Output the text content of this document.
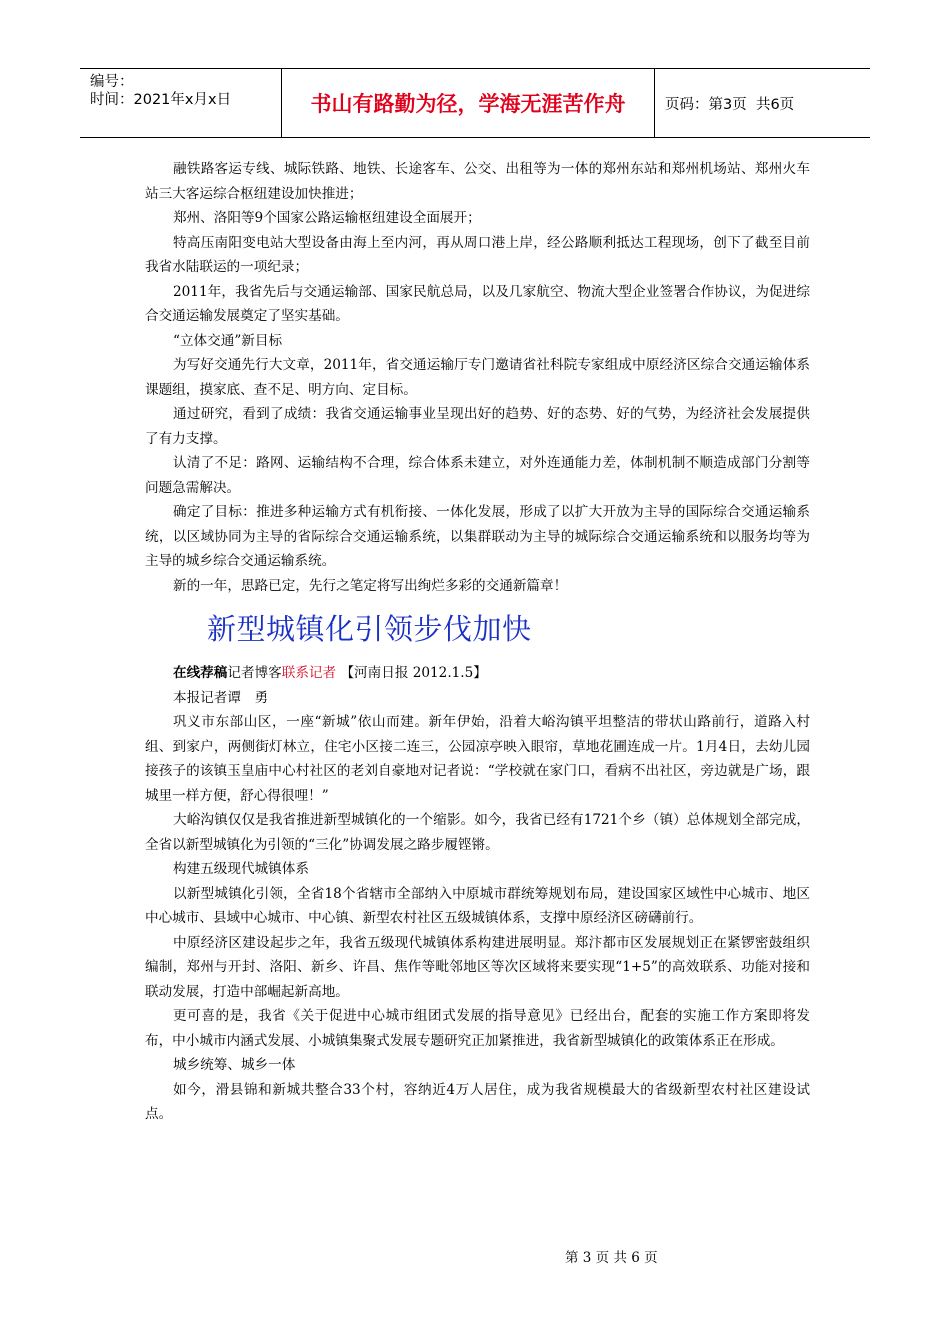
编号：
时间：2021年x月x日	书山有路勤为径，学海无涯苦作舟	页码：第3页  共6页

融铁路客运专线、城际铁路、地铁、长途客车、公交、出租等为一体的郑州东站和郑州机场站、郑州火车站三大客运综合枢纽建设加快推进；

郑州、洛阳等9个国家公路运输枢纽建设全面展开；

特高压南阳变电站大型设备由海上至内河，再从周口港上岸，经公路顺利抵达工程现场，创下了截至目前我省水陆联运的一项纪录；

2011年，我省先后与交通运输部、国家民航总局，以及几家航空、物流大型企业签署合作协议，为促进综合交通运输发展奠定了坚实基础。

“立体交通”新目标

为写好交通先行大文章，2011年，省交通运输厅专门邀请省社科院专家组成中原经济区综合交通运输体系课题组，摸家底、查不足、明方向、定目标。

通过研究，看到了成绩：我省交通运输事业呈现出好的趋势、好的态势、好的气势，为经济社会发展提供了有力支撑。

认清了不足：路网、运输结构不合理，综合体系未建立，对外连通能力差，体制机制不顺造成部门分割等问题急需解决。

确定了目标：推进多种运输方式有机衔接、一体化发展，形成了以扩大开放为主导的国际综合交通运输系统，以区域协同为主导的省际综合交通运输系统，以集群联动为主导的城际综合交通运输系统和以服务均等为主导的城乡综合交通运输系统。

新的一年，思路已定，先行之笔定将写出绚烂多彩的交通新篇章！

新型城镇化引领步伐加快

在线荐稿记者博客联系记者 【河南日报 2012.1.5】

本报记者谭　勇

巩义市东部山区，一座“新城”依山而建。新年伊始，沿着大峪沟镇平坦整洁的带状山路前行，道路入村组、到家户，两侧街灯林立，住宅小区接二连三，公园凉亭映入眼帘，草地花圃连成一片。1月4日，去幼儿园接孩子的该镇玉皇庙中心村社区的老刘自豪地对记者说：“学校就在家门口，看病不出社区，旁边就是广场，跟城里一样方便，舒心得很哩！”

大峪沟镇仅仅是我省推进新型城镇化的一个缩影。如今，我省已经有1721个乡（镇）总体规划全部完成，全省以新型城镇化为引领的“三化”协调发展之路步履铿锵。

构建五级现代城镇体系

以新型城镇化引领，全省18个省辖市全部纳入中原城市群统筹规划布局，建设国家区域性中心城市、地区中心城市、县域中心城市、中心镇、新型农村社区五级城镇体系，支撑中原经济区磅礴前行。

中原经济区建设起步之年，我省五级现代城镇体系构建进展明显。郑汴都市区发展规划正在紧锣密鼓组织编制，郑州与开封、洛阳、新乡、许昌、焦作等毗邻地区等次区域将来要实现“1+5”的高效联系、功能对接和联动发展，打造中部崛起新高地。

更可喜的是，我省《关于促进中心城市组团式发展的指导意见》已经出台，配套的实施工作方案即将发布，中小城市内涵式发展、小城镇集聚式发展专题研究正加紧推进，我省新型城镇化的政策体系正在形成。

城乡统筹、城乡一体

如今，滑县锦和新城共整合33个村，容纳近4万人居住，成为我省规模最大的省级新型农村社区建设试点。

第 3 页 共 6 页
